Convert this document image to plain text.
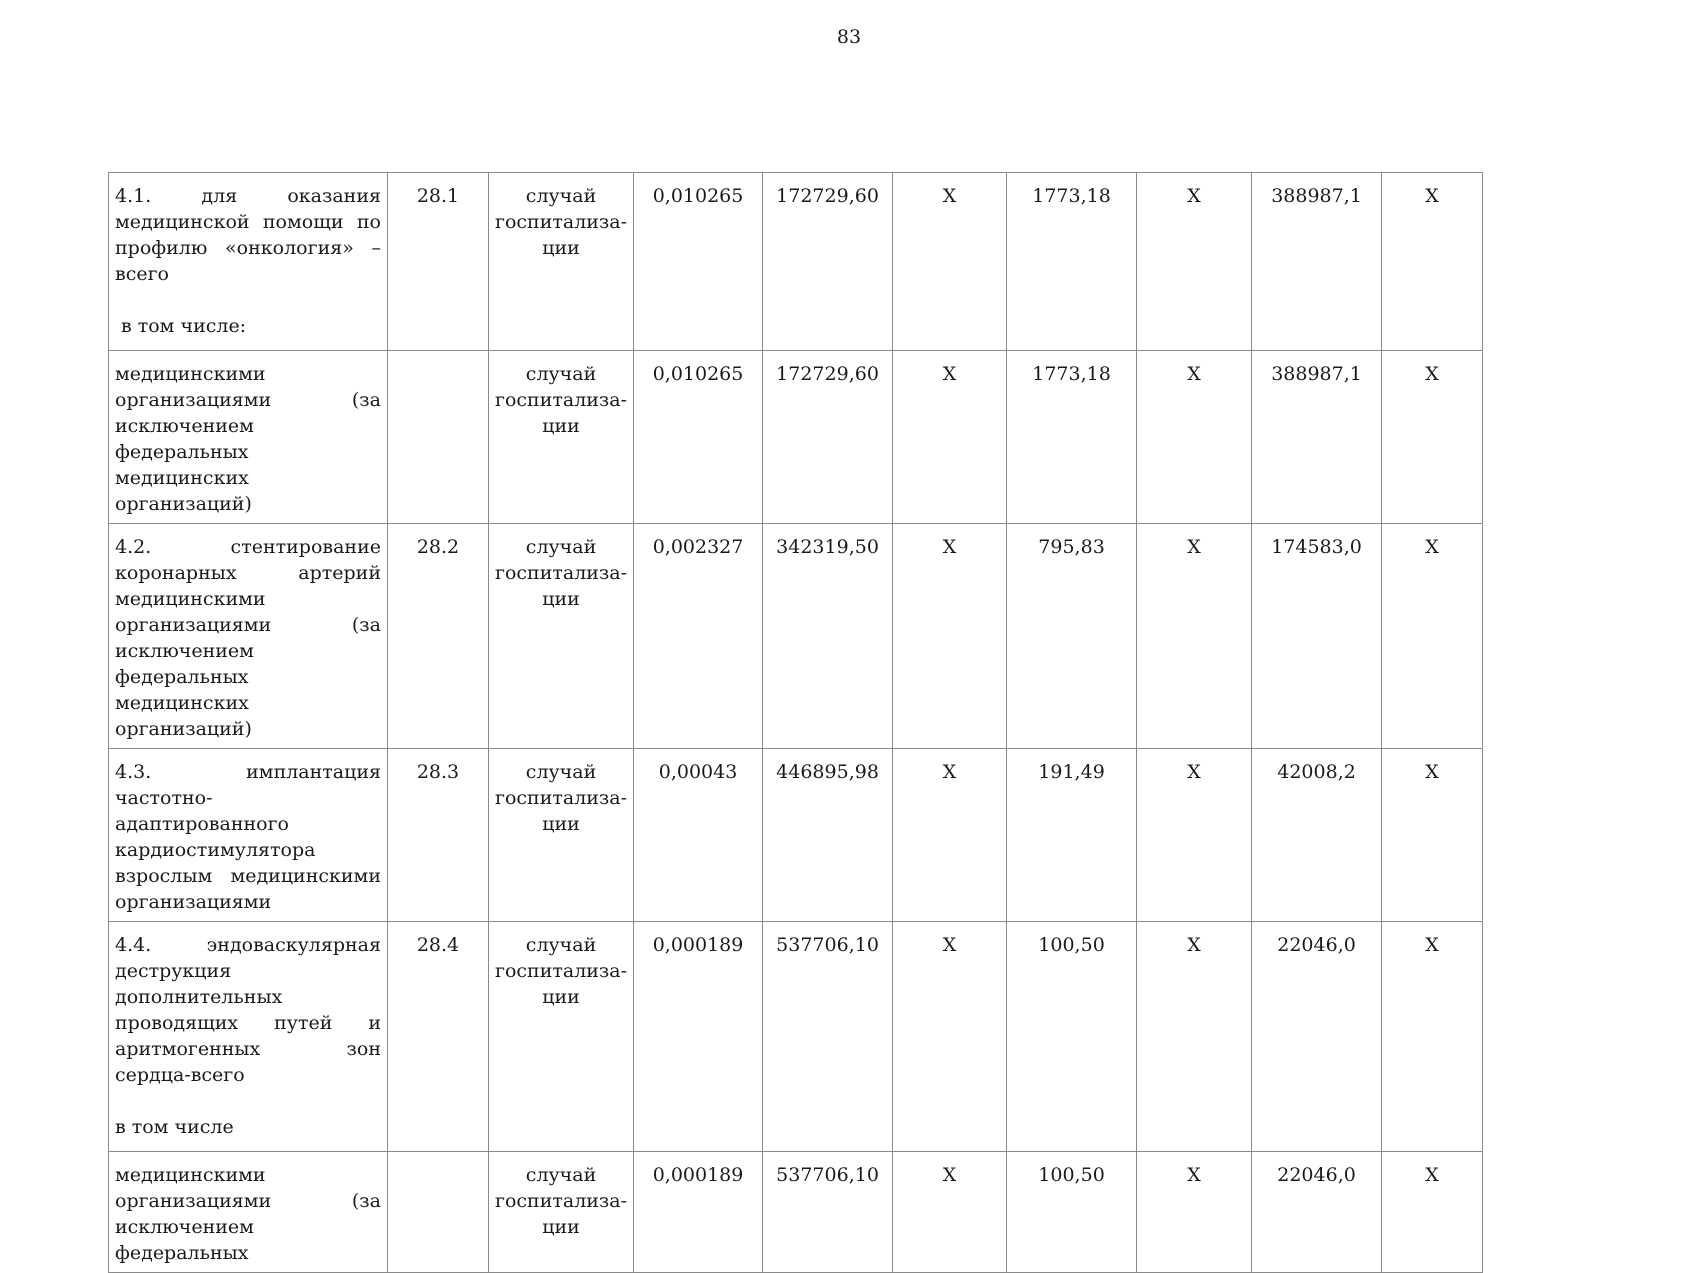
83
4.1. для оказания медицинской помощи по профилю «онкология» – всего
в том числе:	28.1	случай
госпитализа-
ции	0,010265	172729,60	X	1773,18	X	388987,1	X

медицинскими организациями (за исключением федеральных медицинских организаций)		случай
госпитализа-
ции	0,010265	172729,60	X	1773,18	X	388987,1	X

4.2. стентирование коронарных артерий медицинскими организациями (за исключением федеральных медицинских организаций)	28.2	случай
госпитализа-
ции	0,002327	342319,50	X	795,83	X	174583,0	X

4.3. имплантация частотно-адаптированного кардиостимулятора взрослым медицинскими организациями	28.3	случай
госпитализа-
ции	0,00043	446895,98	X	191,49	X	42008,2	X

4.4. эндоваскулярная деструкция дополнительных проводящих путей и аритмогенных зон сердца-всего
в том числе	28.4	случай
госпитализа-
ции	0,000189	537706,10	X	100,50	X	22046,0	X

медицинскими организациями (за исключением федеральных		случай
госпитализа-
ции	0,000189	537706,10	X	100,50	X	22046,0	X
